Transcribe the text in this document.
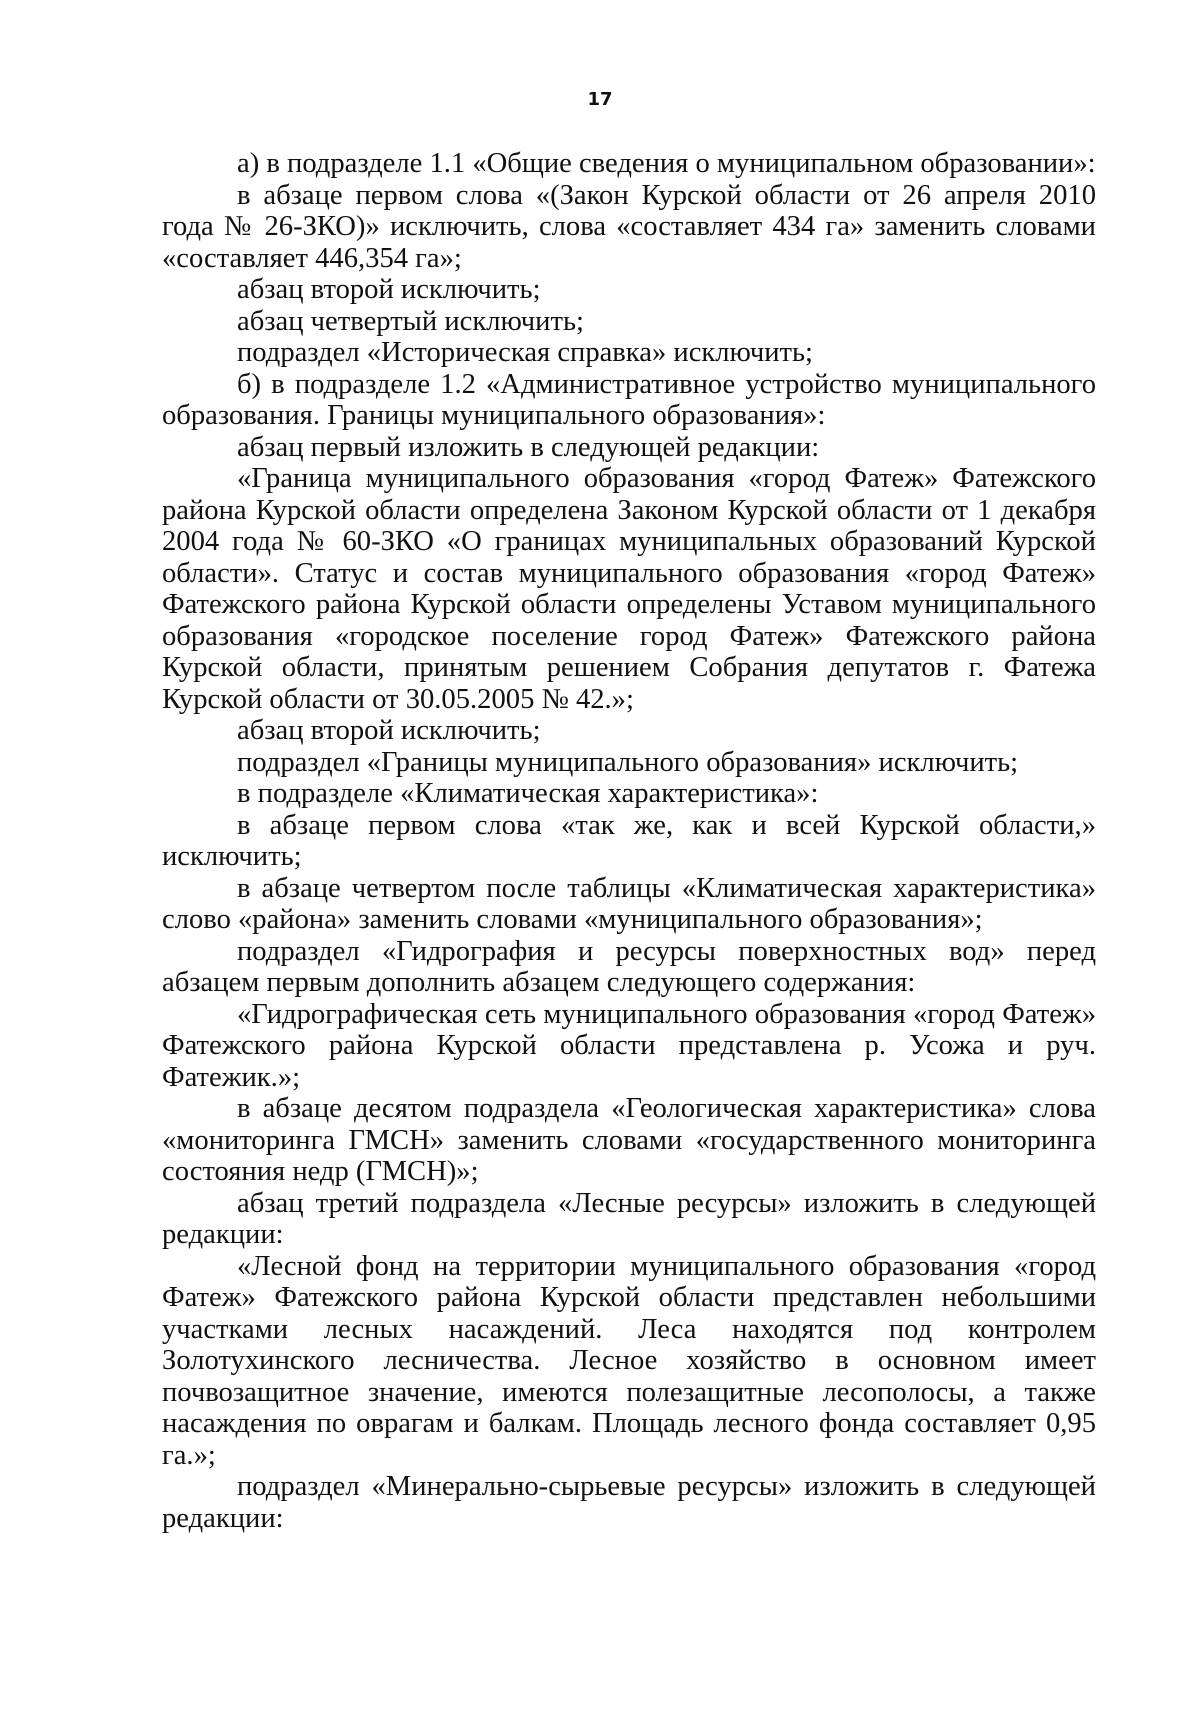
17

а) в подразделе 1.1 «Общие сведения о муниципальном образовании»:

в абзаце первом слова «(Закон Курской области от 26 апреля 2010 года № 26-ЗКО)» исключить, слова «составляет 434 га» заменить словами «составляет 446,354 га»;

абзац второй исключить;

абзац четвертый исключить;

подраздел «Историческая справка» исключить;

б) в подразделе 1.2 «Административное устройство муниципального образования. Границы муниципального образования»:

абзац первый изложить в следующей редакции:

«Граница муниципального образования «город Фатеж» Фатежского района Курской области определена Законом Курской области от 1 декабря 2004 года № 60-ЗКО «О границах муниципальных образований Курской области». Статус и состав муниципального образования «город Фатеж» Фатежского района Курской области определены Уставом муниципального образования «городское поселение город Фатеж» Фатежского района Курской области, принятым решением Собрания депутатов г. Фатежа Курской области от 30.05.2005 № 42.»;

абзац второй исключить;

подраздел «Границы муниципального образования» исключить;

в подразделе «Климатическая характеристика»:

в абзаце первом слова «так же, как и всей Курской области,» исключить;

в абзаце четвертом после таблицы «Климатическая характеристика» слово «района» заменить словами «муниципального образования»;

подраздел «Гидрография и ресурсы поверхностных вод» перед абзацем первым дополнить абзацем следующего содержания:

«Гидрографическая сеть муниципального образования «город Фатеж» Фатежского района Курской области представлена р. Усожа и руч. Фатежик.»;

в абзаце десятом подраздела «Геологическая характеристика» слова «мониторинга ГМСН» заменить словами «государственного мониторинга состояния недр (ГМСН)»;

абзац третий подраздела «Лесные ресурсы» изложить в следующей редакции:

«Лесной фонд на территории муниципального образования «город Фатеж» Фатежского района Курской области представлен небольшими участками лесных насаждений. Леса находятся под контролем Золотухинского лесничества. Лесное хозяйство в основном имеет почвозащитное значение, имеются полезащитные лесополосы, а также насаждения по оврагам и балкам. Площадь лесного фонда составляет 0,95 га.»;

подраздел «Минерально-сырьевые ресурсы» изложить в следующей редакции:
